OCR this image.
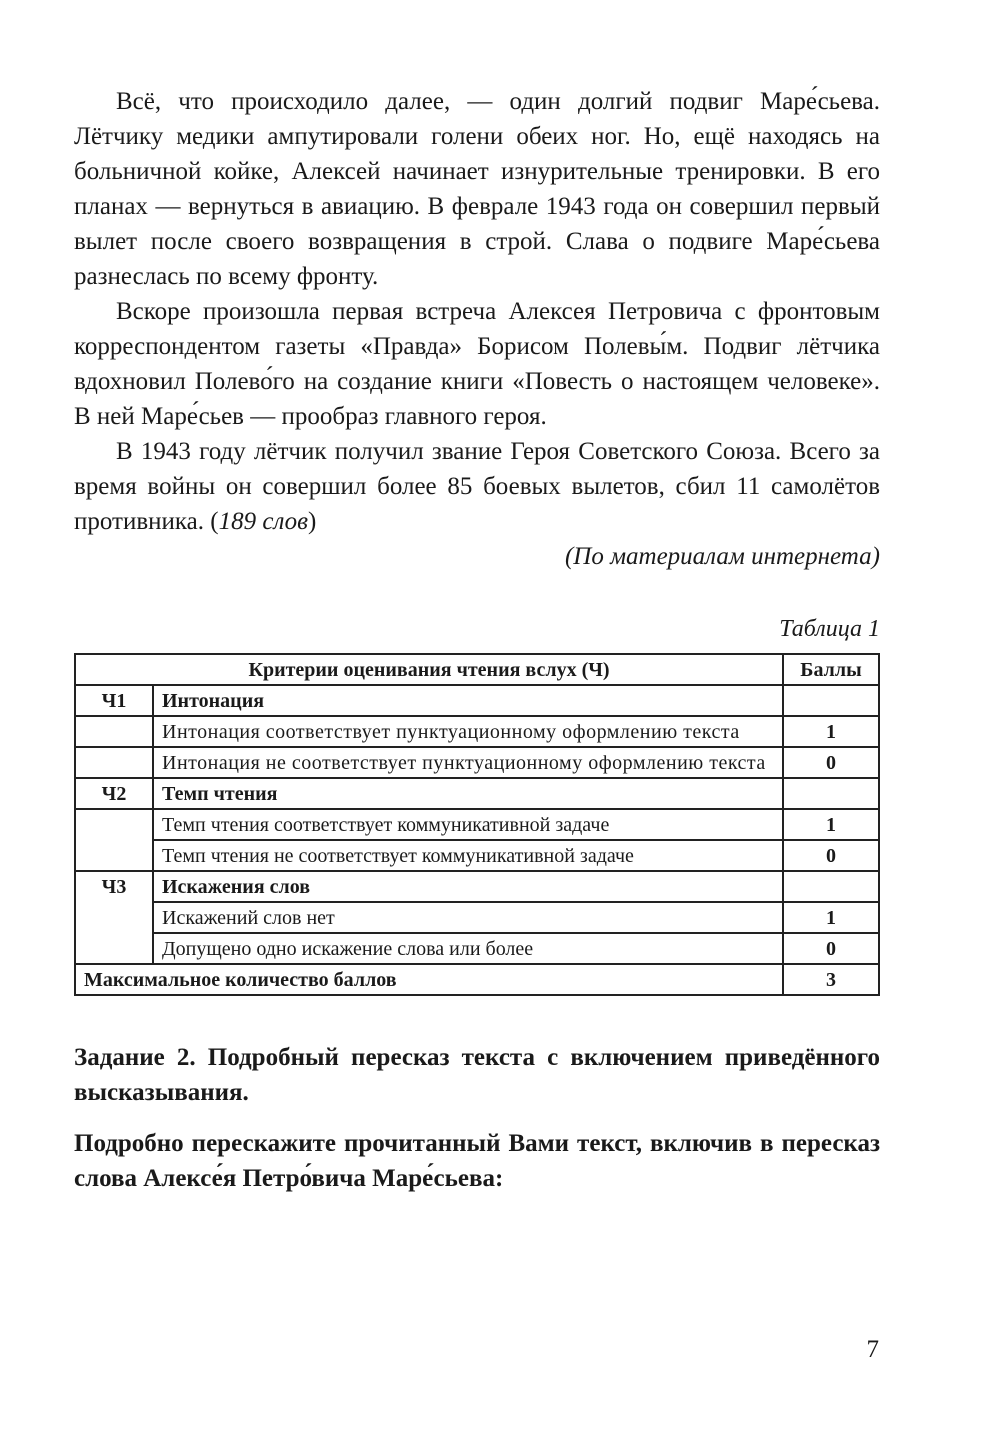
Всё, что происходило далее, — один долгий подвиг Маре́сьева. Лётчику медики ампутировали голени обеих ног. Но, ещё находясь на больничной койке, Алексей начинает изнурительные тренировки. В его планах — вернуться в авиацию. В феврале 1943 года он совершил первый вылет после своего возвращения в строй. Слава о подвиге Маре́сьева разнеслась по всему фронту.

Вскоре произошла первая встреча Алексея Петровича с фронтовым корреспондентом газеты «Правда» Борисом Полевы́м. Подвиг лётчика вдохновил Полево́го на создание книги «Повесть о настоящем человеке». В ней Маре́сьев — прообраз главного героя.

В 1943 году лётчик получил звание Героя Советского Союза. Всего за время войны он совершил более 85 боевых вылетов, сбил 11 самолётов противника. (189 слов)

(По материалам интернета)

Таблица 1

Критерии оценивания чтения вслух (Ч)		Баллы
Ч1	Интонация	
	Интонация соответствует пунктуационному оформлению текста	1
	Интонация не соответствует пунктуационному оформлению текста	0
Ч2	Темп чтения	
	Темп чтения соответствует коммуникативной задаче	1
	Темп чтения не соответствует коммуникативной задаче	0
Ч3	Искажения слов	
	Искажений слов нет	1
	Допущено одно искажение слова или более	0
Максимальное количество баллов		3

Задание 2. Подробный пересказ текста с включением приведённого высказывания.

Подробно перескажите прочитанный Вами текст, включив в пересказ слова Алексе́я Петро́вича Маре́сьева:

7
